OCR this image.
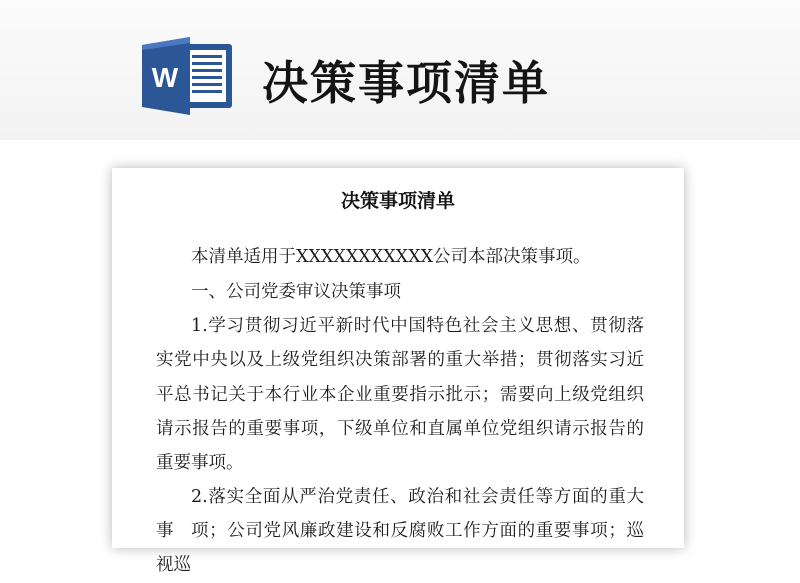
W 决策事项清单
决策事项清单
本清单适用于XXXXXXXXXXX公司本部决策事项。
一、公司党委审议决策事项
1.学习贯彻习近平新时代中国特色社会主义思想、贯彻落实党中央以及上级党组织决策部署的重大举措；贯彻落实习近平总书记关于本行业本企业重要指示批示；需要向上级党组织请示报告的重要事项，下级单位和直属单位党组织请示报告的重要事项。
2.落实全面从严治党责任、政治和社会责任等方面的重大事	项；公司党风廉政建设和反腐败工作方面的重要事项；巡视巡
